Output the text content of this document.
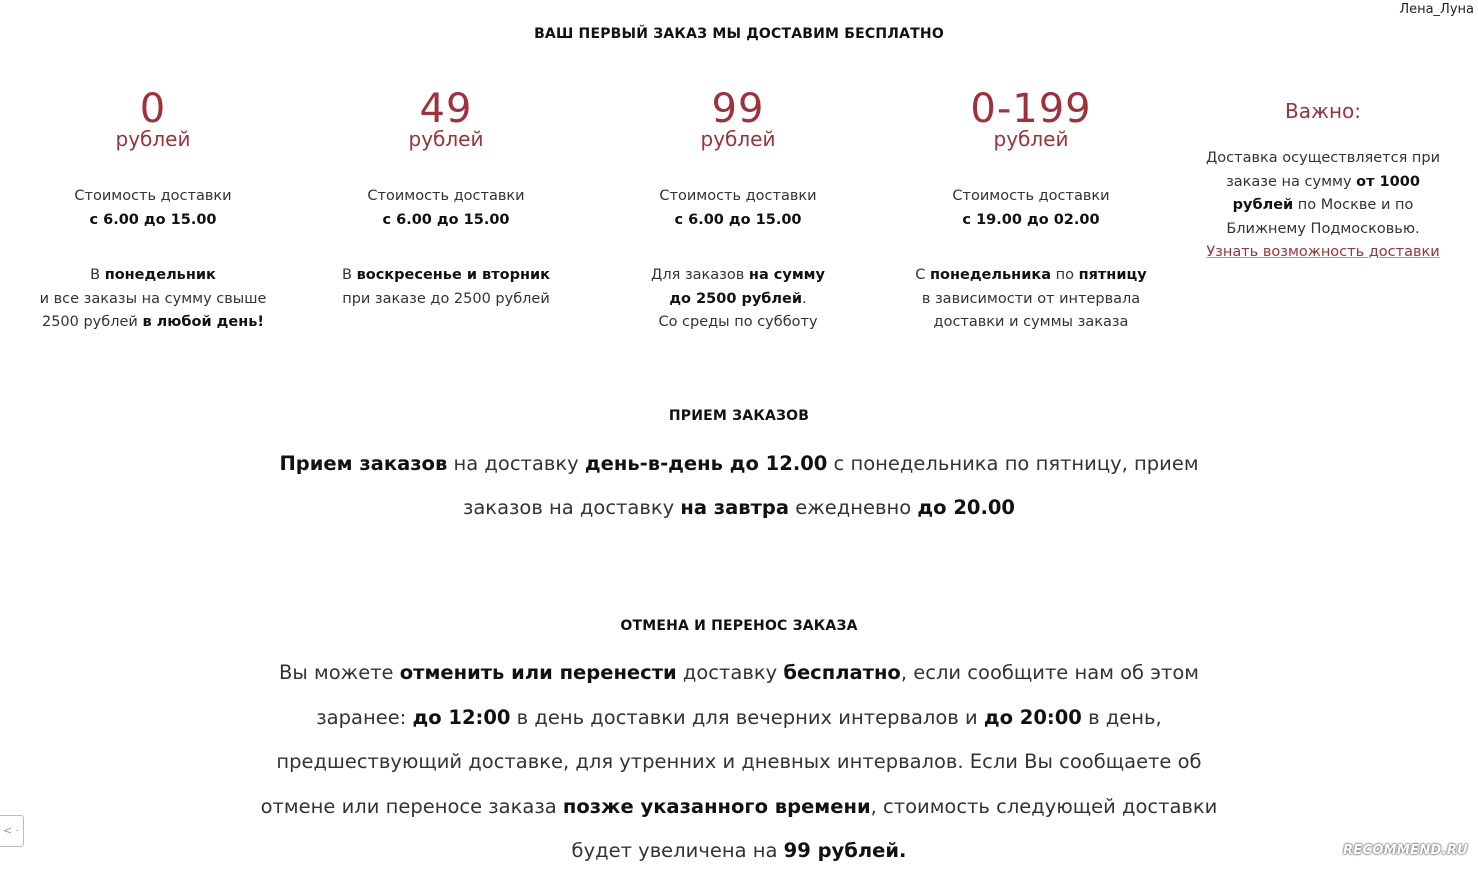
Лена_Луна
ВАШ ПЕРВЫЙ ЗАКАЗ МЫ ДОСТАВИМ БЕСПЛАТНО
0
рублей
Стоимость доставки
с 6.00 до 15.00
В понедельник
и все заказы на сумму свыше
2500 рублей в любой день!
49
рублей
Стоимость доставки
с 6.00 до 15.00
В воскресенье и вторник
при заказе до 2500 рублей
99
рублей
Стоимость доставки
с 6.00 до 15.00
Для заказов на сумму
до 2500 рублей.
Со среды по субботу
0-199
рублей
Стоимость доставки
с 19.00 до 02.00
С понедельника по пятницу
в зависимости от интервала
доставки и суммы заказа
Важно:
Доставка осуществляется при заказе на сумму от 1000 рублей по Москве и по Ближнему Подмосковью.
Узнать возможность доставки
ПРИЕМ ЗАКАЗОВ
Прием заказов на доставку день-в-день до 12.00 с понедельника по пятницу, прием заказов на доставку на завтра ежедневно до 20.00
ОТМЕНА И ПЕРЕНОС ЗАКАЗА
Вы можете отменить или перенести доставку бесплатно, если сообщите нам об этом заранее: до 12:00 в день доставки для вечерних интервалов и до 20:00 в день, предшествующий доставке, для утренних и дневных интервалов. Если Вы сообщаете об отмене или переносе заказа позже указанного времени, стоимость следующей доставки будет увеличена на 99 рублей.
< ·
RECOMMEND.RU
